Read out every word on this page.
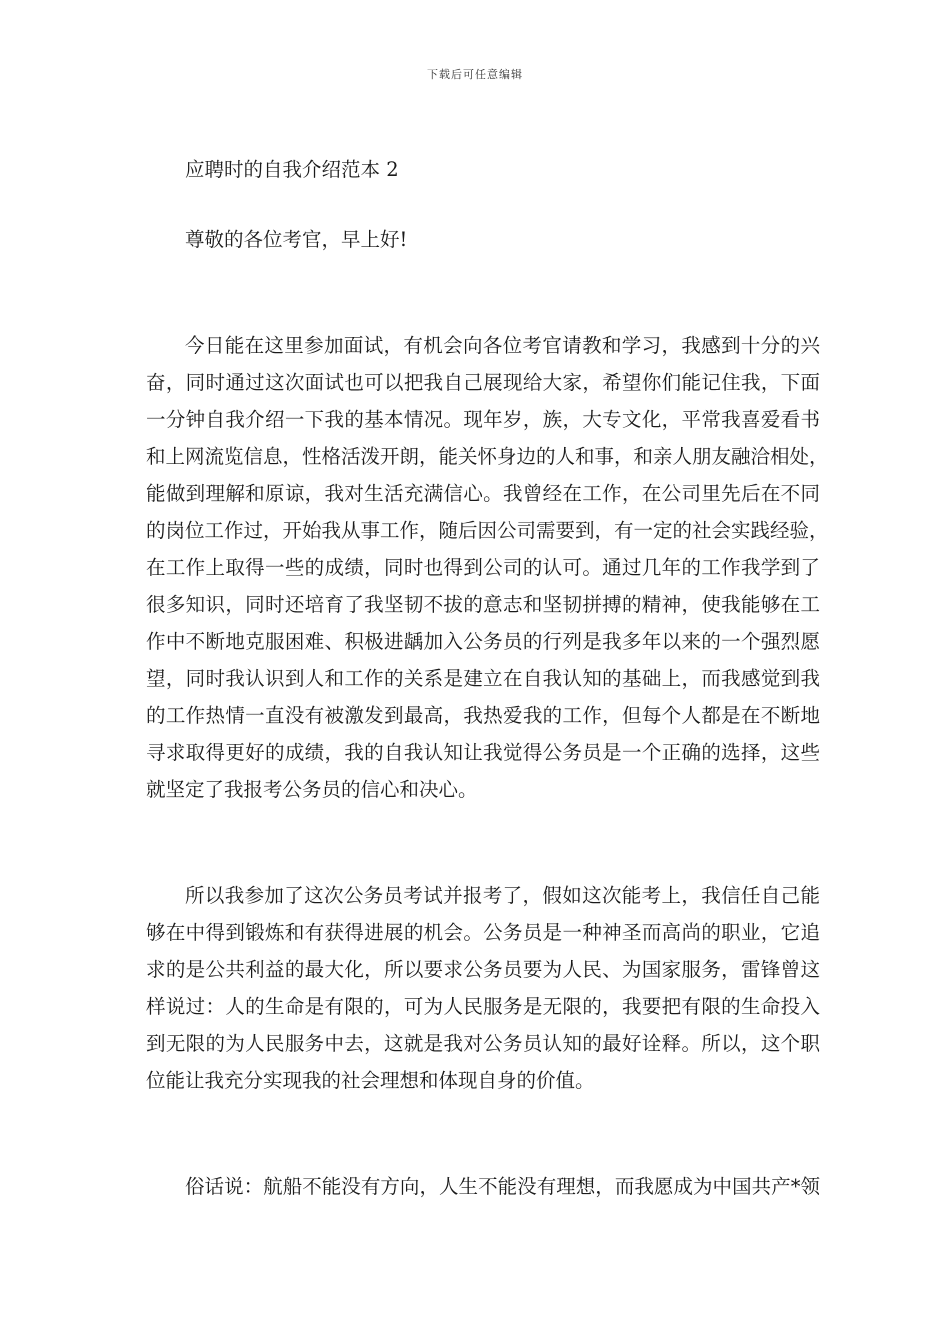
下载后可任意编辑
应聘时的自我介绍范本 2
尊敬的各位考官，早上好!
今日能在这里参加面试，有机会向各位考官请教和学习，我感到十分的兴
奋，同时通过这次面试也可以把我自己展现给大家，希望你们能记住我，下面
一分钟自我介绍一下我的基本情况。现年岁，族，大专文化，平常我喜爱看书
和上网流览信息，性格活泼开朗，能关怀身边的人和事，和亲人朋友融洽相处，
能做到理解和原谅，我对生活充满信心。我曾经在工作，在公司里先后在不同
的岗位工作过，开始我从事工作，随后因公司需要到，有一定的社会实践经验，
在工作上取得一些的成绩，同时也得到公司的认可。通过几年的工作我学到了
很多知识，同时还培育了我坚韧不拔的意志和坚韧拼搏的精神，使我能够在工
作中不断地克服困难、积极进龋加入公务员的行列是我多年以来的一个强烈愿
望，同时我认识到人和工作的关系是建立在自我认知的基础上，而我感觉到我
的工作热情一直没有被激发到最高，我热爱我的工作，但每个人都是在不断地
寻求取得更好的成绩，我的自我认知让我觉得公务员是一个正确的选择，这些
就坚定了我报考公务员的信心和决心。
所以我参加了这次公务员考试并报考了，假如这次能考上，我信任自己能
够在中得到锻炼和有获得进展的机会。公务员是一种神圣而高尚的职业，它追
求的是公共利益的最大化，所以要求公务员要为人民、为国家服务，雷锋曾这
样说过：人的生命是有限的，可为人民服务是无限的，我要把有限的生命投入
到无限的为人民服务中去，这就是我对公务员认知的最好诠释。所以，这个职
位能让我充分实现我的社会理想和体现自身的价值。
俗话说：航船不能没有方向，人生不能没有理想，而我愿成为中国共产*领
